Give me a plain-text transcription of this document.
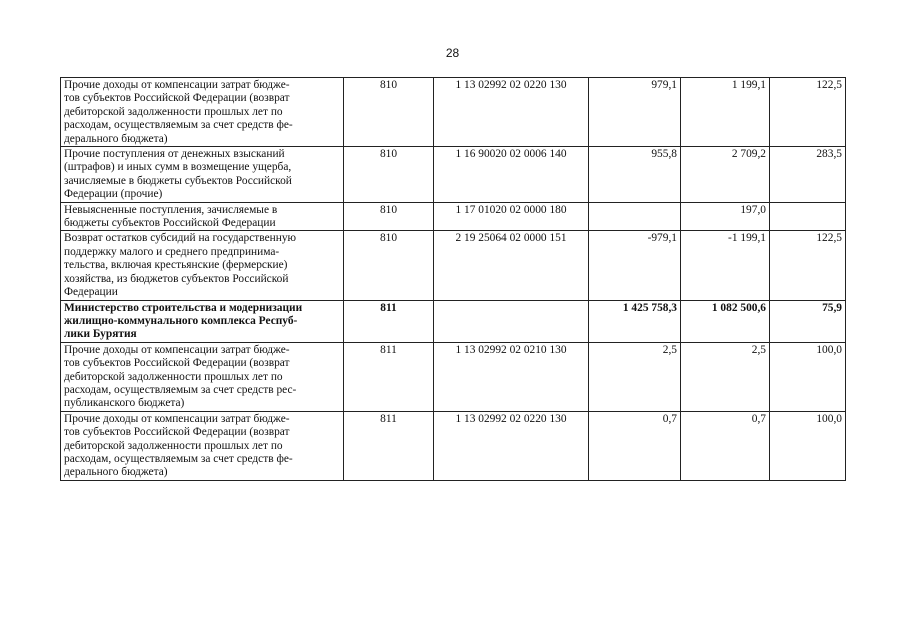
28
Прочие доходы от компенсации затрат бюдже-
тов субъектов Российской Федерации (возврат
дебиторской задолженности прошлых лет по
расходам, осуществляемым за счет средств фе-
дерального бюджета)	810	1 13 02992 02 0220 130	979,1	1 199,1	122,5

Прочие поступления от денежных взысканий
(штрафов) и иных сумм в возмещение ущерба,
зачисляемые в бюджеты субъектов Российской
Федерации (прочие)	810	1 16 90020 02 0006 140	955,8	2 709,2	283,5

Невыясненные поступления, зачисляемые в
бюджеты субъектов Российской Федерации	810	1 17 01020 02 0000 180		197,0	

Возврат остатков субсидий на государственную
поддержку малого и среднего предпринима-
тельства, включая крестьянские (фермерские)
хозяйства, из бюджетов субъектов Российской
Федерации	810	2 19 25064 02 0000 151	-979,1	-1 199,1	122,5

Министерство строительства и модернизации
жилищно-коммунального комплекса Респуб-
лики Бурятия	811		1 425 758,3	1 082 500,6	75,9

Прочие доходы от компенсации затрат бюдже-
тов субъектов Российской Федерации (возврат
дебиторской задолженности прошлых лет по
расходам, осуществляемым за счет средств рес-
публиканского бюджета)	811	1 13 02992 02 0210 130	2,5	2,5	100,0

Прочие доходы от компенсации затрат бюдже-
тов субъектов Российской Федерации (возврат
дебиторской задолженности прошлых лет по
расходам, осуществляемым за счет средств фе-
дерального бюджета)	811	1 13 02992 02 0220 130	0,7	0,7	100,0
